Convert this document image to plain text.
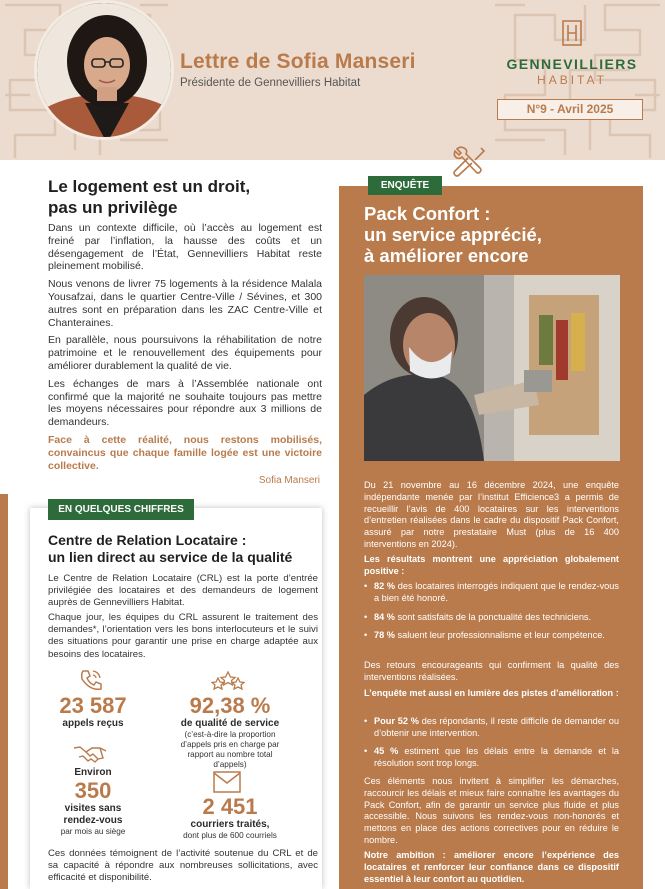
Lettre de Sofia Manseri
Présidente de Gennevilliers Habitat
GENNEVILLIERS
HABITAT
N°9 - Avril 2025
Le logement est un droit,
pas un privilège

Dans un contexte difficile, où l’accès au logement est freiné par l’inflation, la hausse des coûts et un désengagement de l’État, Gennevilliers Habitat reste pleinement mobilisé.

Nous venons de livrer 75 logements à la résidence Malala Yousafzai, dans le quartier Centre-Ville / Sévines, et 300 autres sont en préparation dans les ZAC Centre-Ville et Chanteraines.

En parallèle, nous poursuivons la réhabilitation de notre patrimoine et le renouvellement des équipements pour améliorer durablement la qualité de vie.

Les échanges de mars à l’Assemblée nationale ont confirmé que la majorité ne souhaite toujours pas mettre les moyens nécessaires pour répondre aux 3 millions de demandeurs.

Face à cette réalité, nous restons mobilisés, convaincus que chaque famille logée est une victoire collective.

Sofia Manseri
EN QUELQUES CHIFFRES
Centre de Relation Locataire :
un lien direct au service de la qualité
Le Centre de Relation Locataire (CRL) est la porte d’entrée privilégiée des locataires et des demandeurs de logement auprès de Gennevilliers Habitat.
Chaque jour, les équipes du CRL assurent le traitement des demandes*, l’orientation vers les bons interlocuteurs et le suivi des situations pour garantir une prise en charge adaptée aux besoins des locataires.
23 587
appels reçus
92,38 %
de qualité de service
(c’est-à-dire la proportion d’appels pris en charge par rapport au nombre total d’appels)
Environ
350
visites sans rendez-vous
par mois au siège
2 451
courriers traités,
dont plus de 600 courriels
Ces données témoignent de l’activité soutenue du CRL et de sa capacité à répondre aux nombreuses sollicitations, avec efficacité et disponibilité.
ENQUÊTE
Pack Confort :
un service apprécié,
à améliorer encore
Du 21 novembre au 16 décembre 2024, une enquête indépendante menée par l’institut Efficience3 a permis de recueillir l’avis de 400 locataires sur les interventions d’entretien réalisées dans le cadre du dispositif Pack Confort, assuré par notre prestataire Must (plus de 16 400 interventions en 2024).
Les résultats montrent une appréciation globalement positive :
• 82 % des locataires interrogés indiquent que le rendez-vous a bien été honoré.
• 84 % sont satisfaits de la ponctualité des techniciens.
• 78 % saluent leur professionnalisme et leur compétence.
Des retours encourageants qui confirment la qualité des interventions réalisées.
L’enquête met aussi en lumière des pistes d’amélioration :
• Pour 52 % des répondants, il reste difficile de demander ou d’obtenir une intervention.
• 45 % estiment que les délais entre la demande et la résolution sont trop longs.
Ces éléments nous invitent à simplifier les démarches, raccourcir les délais et mieux faire connaître les avantages du Pack Confort, afin de garantir un service plus fluide et plus accessible. Nous suivons les rendez-vous non-honorés et mettons en place des actions correctives pour en réduire le nombre.
Notre ambition : améliorer encore l’expérience des locataires et renforcer leur confiance dans ce dispositif essentiel à leur confort au quotidien.
